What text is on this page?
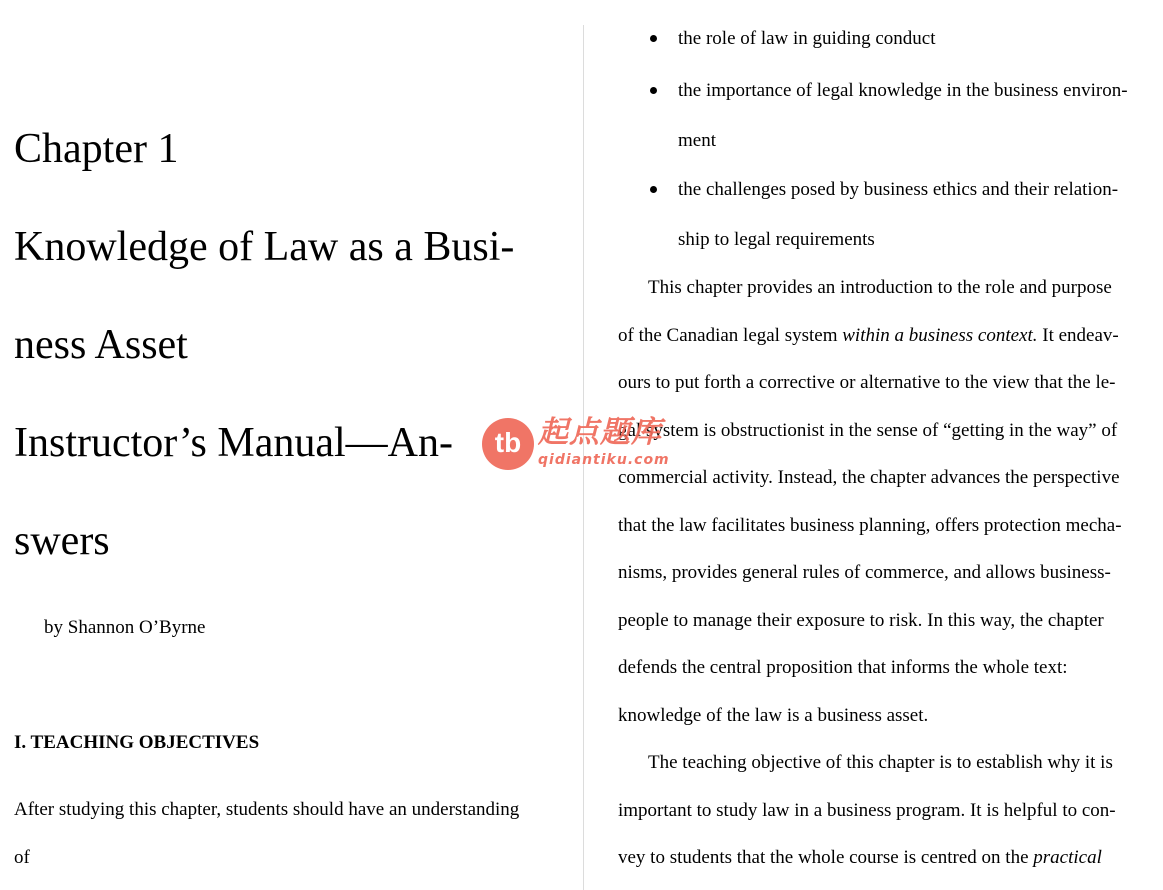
Chapter 1
Knowledge of Law as a Busi-
ness Asset
Instructor’s Manual—An-
swers
by Shannon O’Byrne
I. TEACHING OBJECTIVES
After studying this chapter, students should have an understanding
of
the role of law in guiding conduct
the importance of legal knowledge in the business environ-
ment
the challenges posed by business ethics and their relation-
ship to legal requirements
This chapter provides an introduction to the role and purpose
of the Canadian legal system within a business context. It endeav-
ours to put forth a corrective or alternative to the view that the le-
gal system is obstructionist in the sense of “getting in the way” of
commercial activity. Instead, the chapter advances the perspective
that the law facilitates business planning, offers protection mecha-
nisms, provides general rules of commerce, and allows business-
people to manage their exposure to risk. In this way, the chapter
defends the central proposition that informs the whole text:
knowledge of the law is a business asset.
The teaching objective of this chapter is to establish why it is
important to study law in a business program. It is helpful to con-
vey to students that the whole course is centred on the practical
tb 起点题库
qidiantiku.com
